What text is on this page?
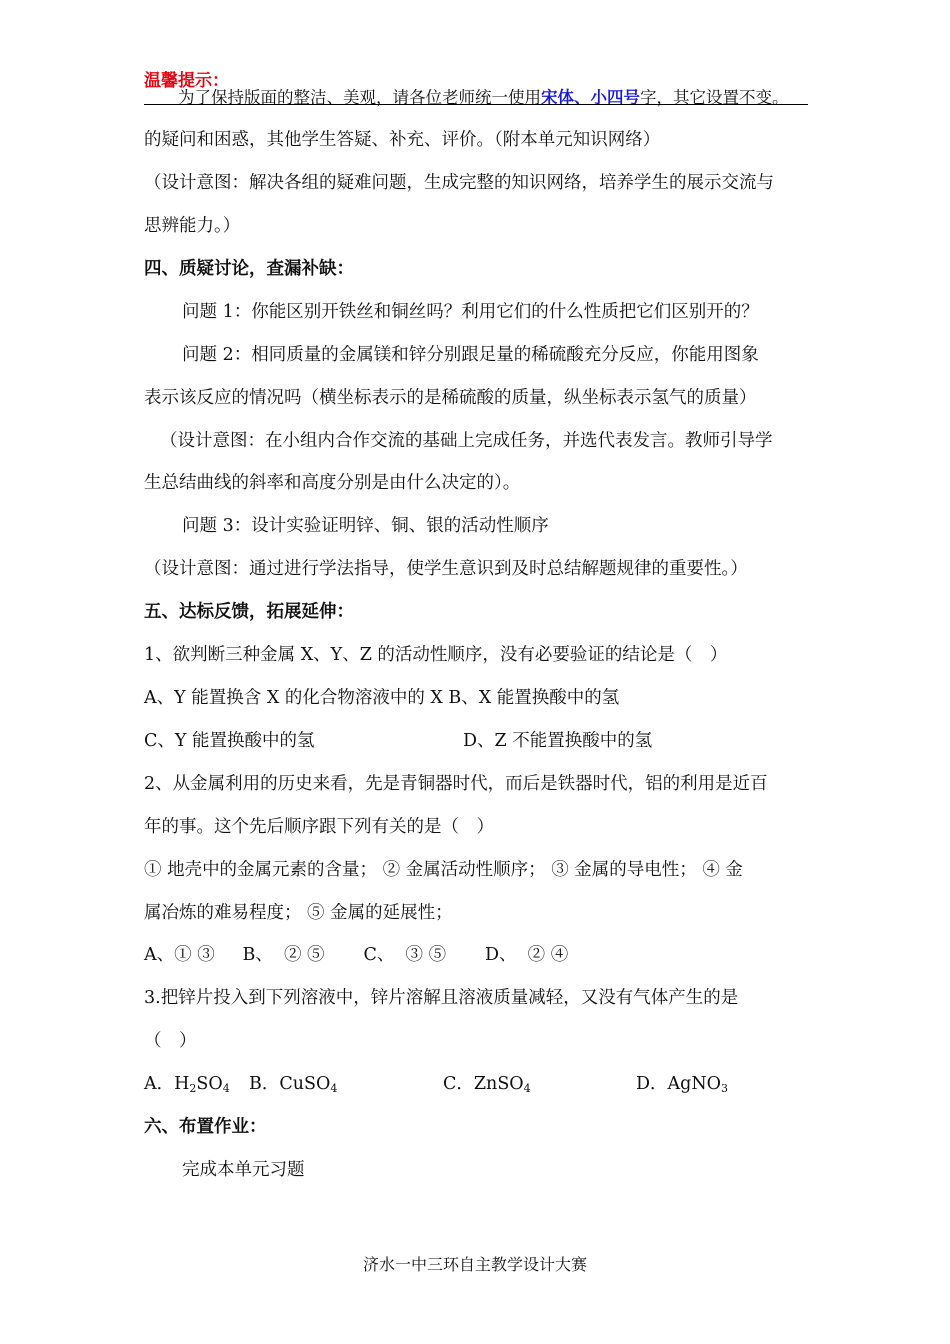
温馨提示：
为了保持版面的整洁、美观，请各位老师统一使用宋体、小四号字，其它设置不变。
的疑问和困惑，其他学生答疑、补充、评价。（附本单元知识网络）
（设计意图：解决各组的疑难问题，生成完整的知识网络，培养学生的展示交流与
思辨能力。）
四、质疑讨论，查漏补缺：
问题 1：你能区别开铁丝和铜丝吗？利用它们的什么性质把它们区别开的？
问题 2：相同质量的金属镁和锌分别跟足量的稀硫酸充分反应，你能用图象
表示该反应的情况吗（横坐标表示的是稀硫酸的质量，纵坐标表示氢气的质量）
（设计意图：在小组内合作交流的基础上完成任务，并选代表发言。教师引导学
生总结曲线的斜率和高度分别是由什么决定的）。
问题 3：设计实验证明锌、铜、银的活动性顺序
（设计意图：通过进行学法指导，使学生意识到及时总结解题规律的重要性。）
五、达标反馈，拓展延伸：
1、欲判断三种金属 X、Y、Z 的活动性顺序，没有必要验证的结论是（　）
A、Y 能置换含 X 的化合物溶液中的 X B、X 能置换酸中的氢
C、Y 能置换酸中的氢	D、Z 不能置换酸中的氢
2、从金属利用的历史来看，先是青铜器时代，而后是铁器时代，铝的利用是近百
年的事。这个先后顺序跟下列有关的是（　）
① 地壳中的金属元素的含量； ② 金属活动性顺序； ③ 金属的导电性； ④ 金
属冶炼的难易程度； ⑤ 金属的延展性；
A、① ③     B、  ② ⑤       C、  ③ ⑤       D、  ② ④
3.把锌片投入到下列溶液中，锌片溶解且溶液质量减轻，又没有气体产生的是
（　）
A．$H_2SO_4$ B．CuSO$_4$	C．ZnSO$_4$	D．AgNO$_3$
六、布置作业：
完成本单元习题
济水一中三环自主教学设计大赛
